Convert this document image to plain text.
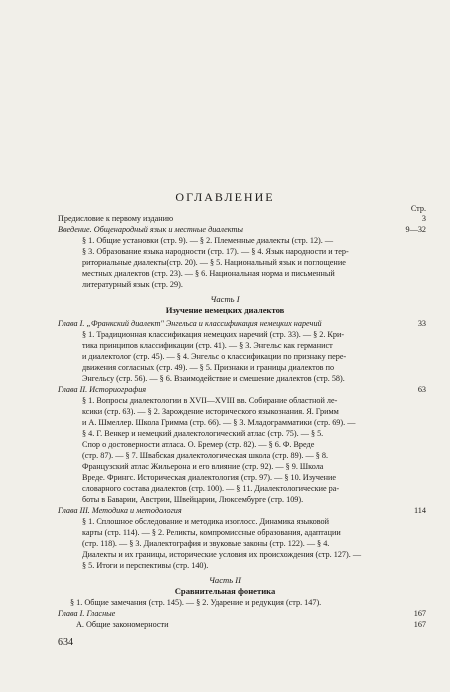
ОГЛАВЛЕНИЕ
Стр.
Предисловие к первому изданию	3
Введение. Общенародный язык и местные диалекты	9—32
§ 1. Общие установки (стр. 9). — § 2. Племенные диалекты (стр. 12). —
§ 3. Образование языка народности (стр. 17). — § 4. Язык народности и тер-
риториальные диалекты(стр. 20). — § 5. Национальный язык и поглощение
местных диалектов (стр. 23). — § 6. Национальная норма и письменный
литературный язык (стр. 29).
Часть I
Изучение немецких диалектов
Глава I. „Франкский диалект" Энгельса и классификация немецких наречий	33
§ 1. Традиционная классификация немецких наречий (стр. 33). — § 2. Кри-
тика принципов классификации (стр. 41). — § 3. Энгельс как германист
и диалектолог (стр. 45). — § 4. Энгельс о классификации по признаку пере-
движения согласных (стр. 49). — § 5. Признаки и границы диалектов по
Энгельсу (стр. 56). — § 6. Взаимодействие и смешение диалектов (стр. 58).
Глава II. Историография	63
§ 1. Вопросы диалектологии в XVII—XVIII вв. Собирание областной ле-
ксики (стр. 63). — § 2. Зарождение исторического языкознания. Я. Гримм
и А. Шмеллер. Школа Гримма (стр. 66). — § 3. Младограмматики (стр. 69). —
§ 4. Г. Венкер и немецкий диалектологический атлас (стр. 75). — § 5.
Спор о достоверности атласа. О. Бремер (стр. 82). — § 6. Ф. Вреде
(стр. 87). — § 7. Швабская диалектологическая школа (стр. 89). — § 8.
Французский атлас Жильерона и его влияние (стр. 92). — § 9. Школа
Вреде. Фрингс. Историческая диалектология (стр. 97). — § 10. Изучение
словарного состава диалектов (стр. 100). — § 11. Диалектологические ра-
боты в Баварии, Австрии, Швейцарии, Люксембурге (стр. 109).
Глава III. Методика и методология	114
§ 1. Сплошное обследование и методика изоглосс. Динамика языковой
карты (стр. 114). — § 2. Реликты, компромиссные образования, адаптации
(стр. 118). — § 3. Диалектография и звуковые законы (стр. 122). — § 4.
Диалекты и их границы, исторические условия их происхождения (стр. 127). —
§ 5. Итоги и перспективы (стр. 140).
Часть II
Сравнительная фонетика
§ 1. Общие замечания (стр. 145). — § 2. Ударение и редукция (стр. 147).
Глава I. Гласные	167
А. Общие закономерности	167
634
